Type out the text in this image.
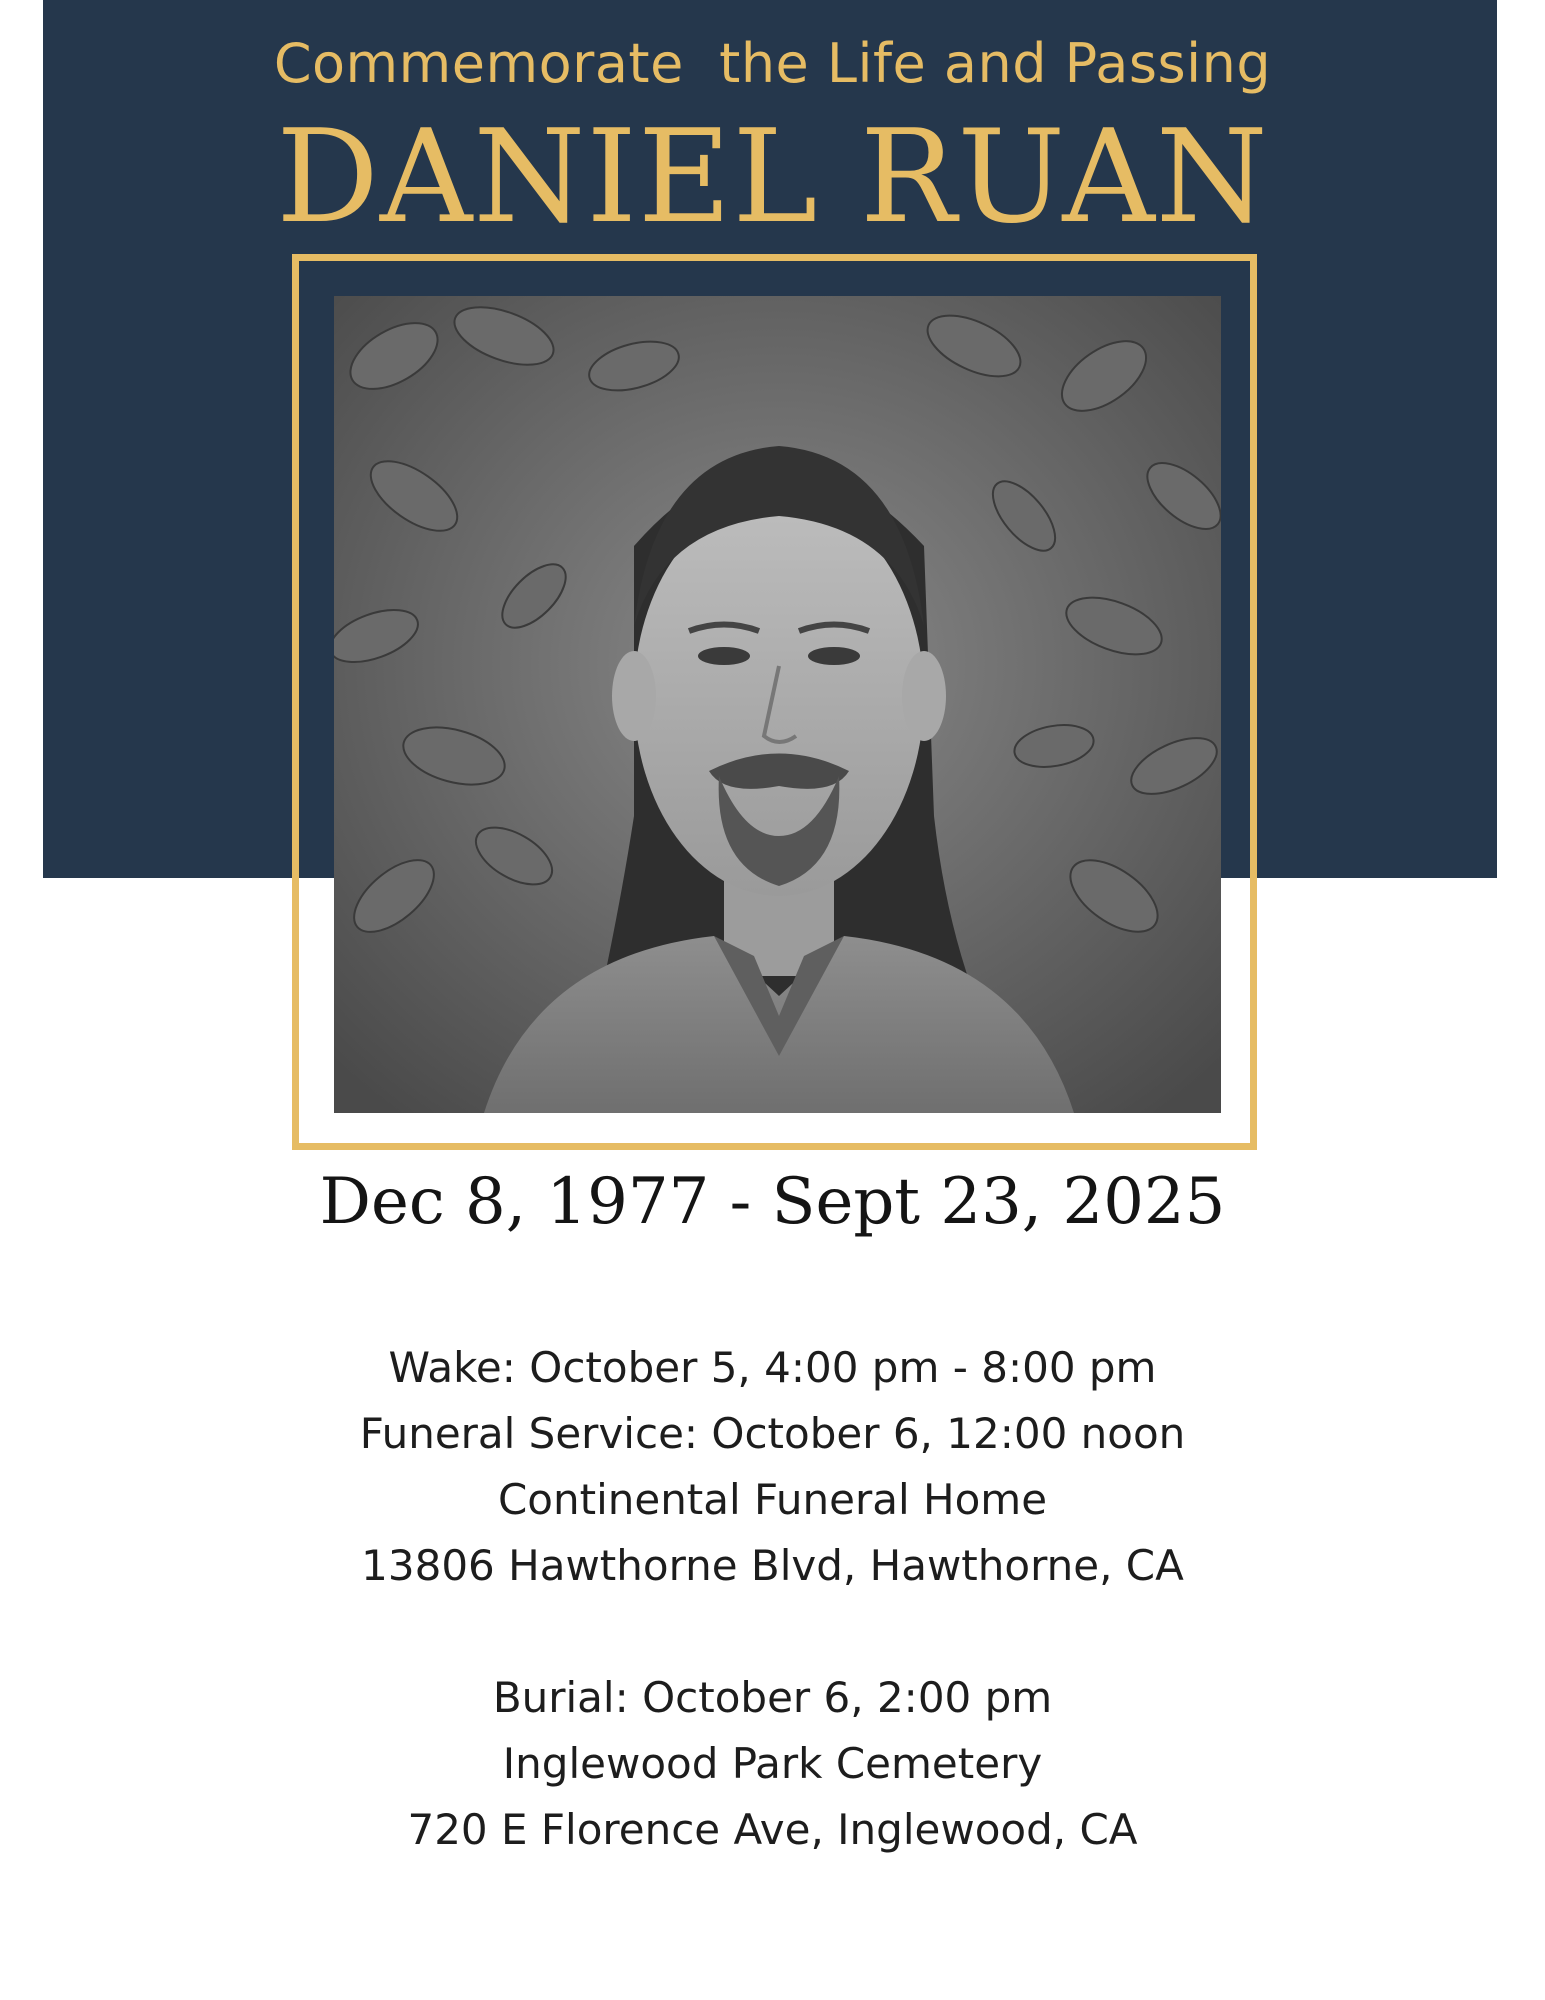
Commemorate  the Life and Passing
DANIEL RUAN
Dec 8, 1977 - Sept 23, 2025
Wake: October 5, 4:00 pm - 8:00 pm
Funeral Service: October 6, 12:00 noon
Continental Funeral Home
13806 Hawthorne Blvd, Hawthorne, CA
Burial: October 6, 2:00 pm
Inglewood Park Cemetery
720 E Florence Ave, Inglewood, CA
